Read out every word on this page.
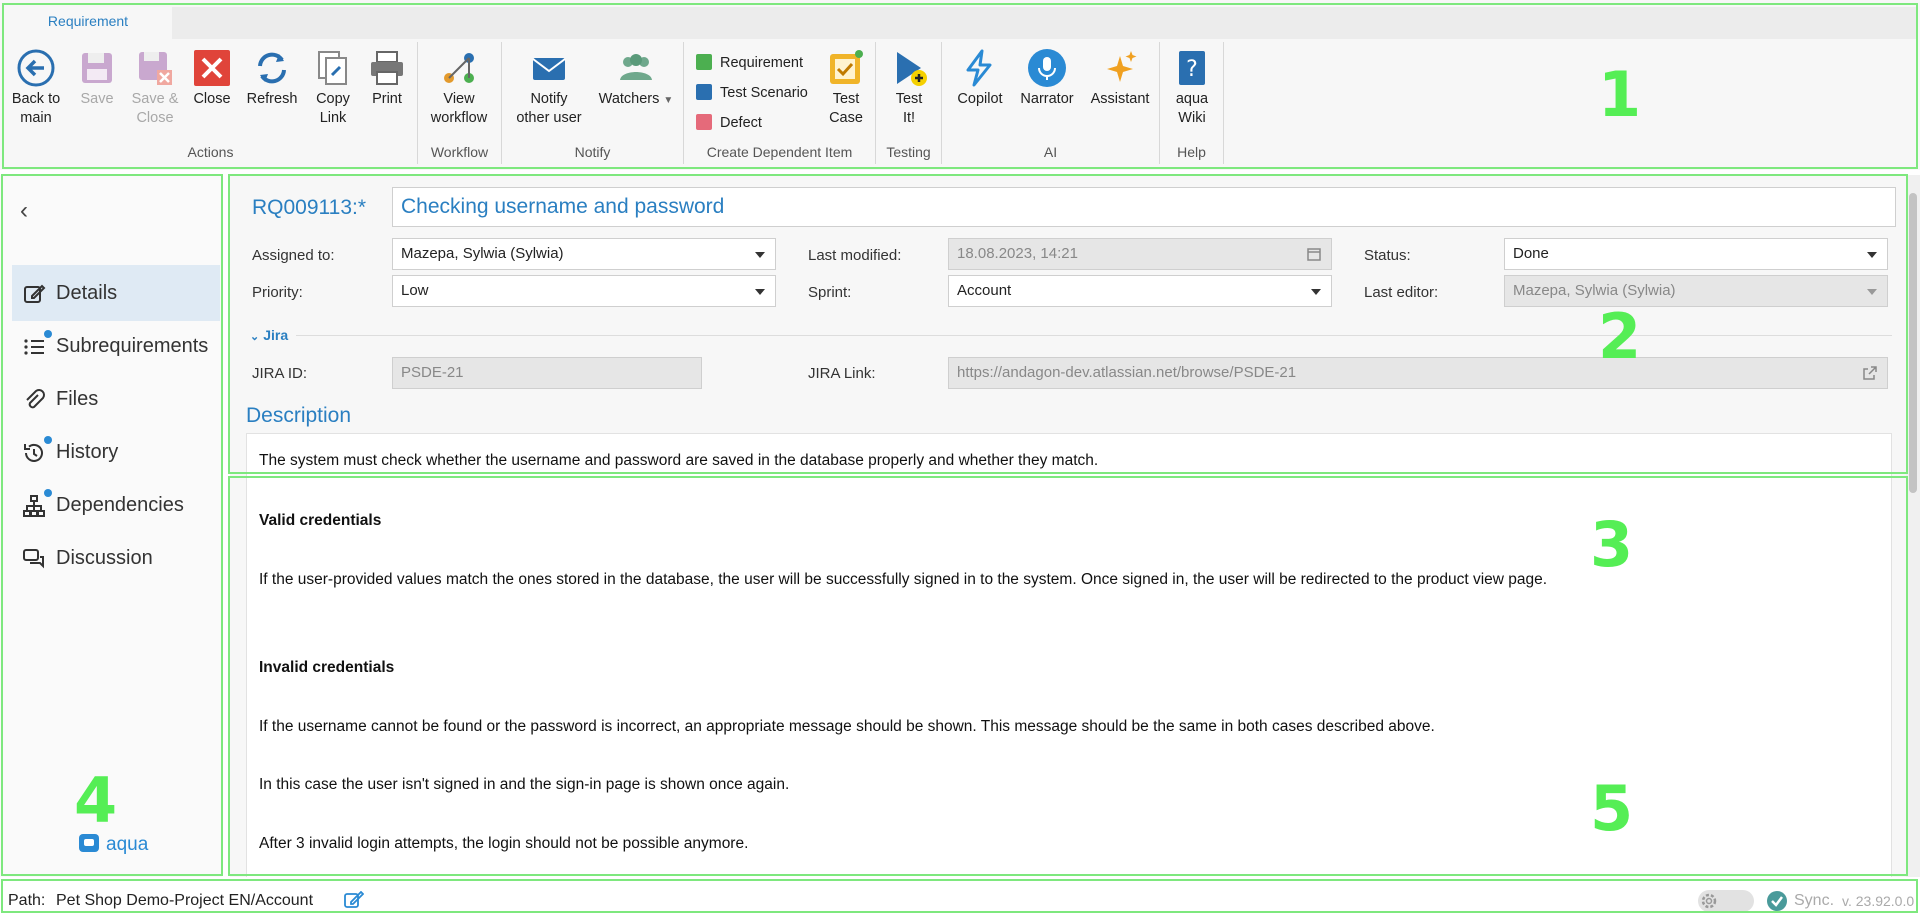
Requirement
Back to
main
Save	Save &
Close
Close Refresh	Copy
Link
Print
Actions
View
workflow
Workflow
Notify
other user
Watchers ▼
Notify
Requirement
Test Scenario
Defect
Test
Case
Create Dependent Item
Test
It!
Testing
Copilot	Narrator	Assistant
AI
?
aqua
Wiki
Help
‹
Details
Subrequirements
Files
History
Dependencies
Discussion
aqua
RQ009113:*	Checking username and password
Assigned to:	Mazepa, Sylwia (Sylwia)
Priority:	Low
Last modified:	18.08.2023, 14:21
Sprint:	Account
Status:	Done
Last editor:	Mazepa, Sylwia (Sylwia)
⌄ Jira
JIRA ID:	PSDE-21	JIRA Link:	https://andagon-dev.atlassian.net/browse/PSDE-21
Description

The system must check whether the username and password are saved in the database properly and whether they match.

Valid credentials

If the user-provided values match the ones stored in the database, the user will be successfully signed in to the system. Once signed in, the user will be redirected to the product view page.

Invalid credentials

If the username cannot be found or the password is incorrect, an appropriate message should be shown. This message should be the same in both cases described above.

In this case the user isn't signed in and the sign-in page is shown once again.

After 3 invalid login attempts, the login should not be possible anymore.

Path: Pet Shop Demo-Project EN/Account	Sync. v. 23.92.0.0
1
2
3
4	5
